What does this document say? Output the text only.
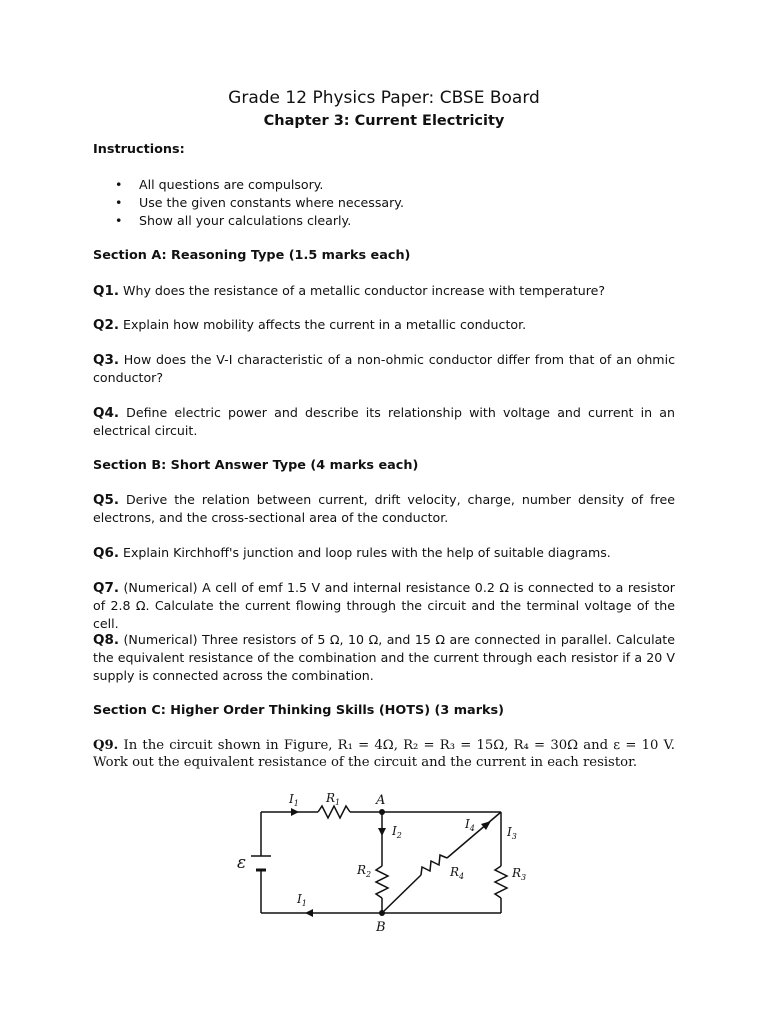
Grade 12 Physics Paper: CBSE Board
Chapter 3: Current Electricity
Instructions:
• All questions are compulsory.
• Use the given constants where necessary.
• Show all your calculations clearly.
Section A: Reasoning Type (1.5 marks each)
Q1. Why does the resistance of a metallic conductor increase with temperature?
Q2. Explain how mobility affects the current in a metallic conductor.
Q3. How does the V-I characteristic of a non-ohmic conductor differ from that of an ohmic conductor?
Q4. Define electric power and describe its relationship with voltage and current in an electrical circuit.
Section B: Short Answer Type (4 marks each)
Q5. Derive the relation between current, drift velocity, charge, number density of free electrons, and the cross-sectional area of the conductor.
Q6. Explain Kirchhoff's junction and loop rules with the help of suitable diagrams.
Q7. (Numerical) A cell of emf 1.5 V and internal resistance 0.2 Ω is connected to a resistor of 2.8 Ω. Calculate the current flowing through the circuit and the terminal voltage of the cell.
Q8. (Numerical) Three resistors of 5 Ω, 10 Ω, and 15 Ω are connected in parallel. Calculate the equivalent resistance of the combination and the current through each resistor if a 20 V supply is connected across the combination.
Section C: Higher Order Thinking Skills (HOTS) (3 marks)
Q9. In the circuit shown in Figure, R₁ = 4Ω, R₂ = R₃ = 15Ω, R₄ = 30Ω and ε = 10 V. Work out the equivalent resistance of the circuit and the current in each resistor.
ε
A
B
$I_1$ $R_1$
$I_2$
$I_4$	$I_3$
$R_2$	$R_4$	$R_3$
$I_1$
